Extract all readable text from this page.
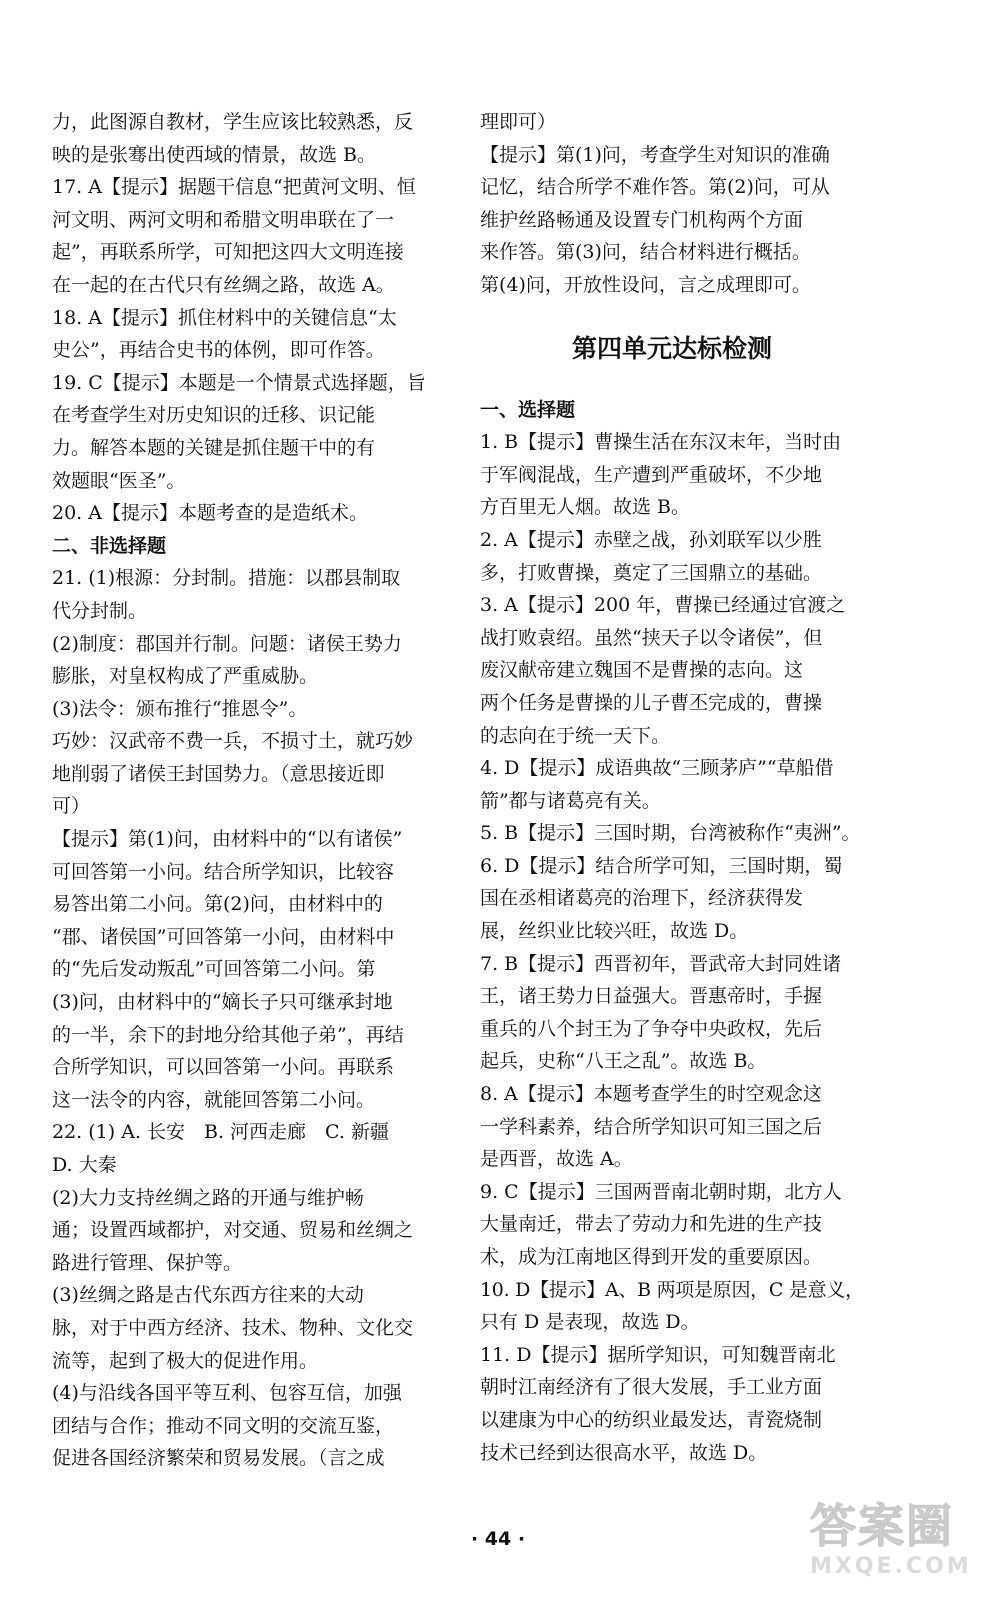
力，此图源自教材，学生应该比较熟悉，反
映的是张骞出使西域的情景，故选 B。
17. A【提示】据题干信息“把黄河文明、恒
河文明、两河文明和希腊文明串联在了一
起”，再联系所学，可知把这四大文明连接
在一起的在古代只有丝绸之路，故选 A。
18. A【提示】抓住材料中的关键信息“太
史公”，再结合史书的体例，即可作答。
19. C【提示】本题是一个情景式选择题，旨
在考查学生对历史知识的迁移、识记能
力。解答本题的关键是抓住题干中的有
效题眼“医圣”。
20. A【提示】本题考查的是造纸术。
二、非选择题
21. (1)根源：分封制。措施：以郡县制取
代分封制。
(2)制度：郡国并行制。问题：诸侯王势力
膨胀，对皇权构成了严重威胁。
(3)法令：颁布推行“推恩令”。
巧妙：汉武帝不费一兵，不损寸土，就巧妙
地削弱了诸侯王封国势力。（意思接近即
可）
【提示】第(1)问，由材料中的“以有诸侯”
可回答第一小问。结合所学知识，比较容
易答出第二小问。第(2)问，由材料中的
“郡、诸侯国”可回答第一小问，由材料中
的“先后发动叛乱”可回答第二小问。第
(3)问，由材料中的“嫡长子只可继承封地
的一半，余下的封地分给其他子弟”，再结
合所学知识，可以回答第一小问。再联系
这一法令的内容，就能回答第二小问。
22. (1) A. 长安　B. 河西走廊　C. 新疆
D. 大秦
(2)大力支持丝绸之路的开通与维护畅
通；设置西域都护，对交通、贸易和丝绸之
路进行管理、保护等。
(3)丝绸之路是古代东西方往来的大动
脉，对于中西方经济、技术、物种、文化交
流等，起到了极大的促进作用。
(4)与沿线各国平等互利、包容互信，加强
团结与合作；推动不同文明的交流互鉴，
促进各国经济繁荣和贸易发展。（言之成
理即可）
【提示】第(1)问，考查学生对知识的准确
记忆，结合所学不难作答。第(2)问，可从
维护丝路畅通及设置专门机构两个方面
来作答。第(3)问，结合材料进行概括。
第(4)问，开放性设问，言之成理即可。
第四单元达标检测
一、选择题
1. B【提示】曹操生活在东汉末年，当时由
于军阀混战，生产遭到严重破坏，不少地
方百里无人烟。故选 B。
2. A【提示】赤壁之战，孙刘联军以少胜
多，打败曹操，奠定了三国鼎立的基础。
3. A【提示】200 年，曹操已经通过官渡之
战打败袁绍。虽然“挟天子以令诸侯”，但
废汉献帝建立魏国不是曹操的志向。这
两个任务是曹操的儿子曹丕完成的，曹操
的志向在于统一天下。
4. D【提示】成语典故“三顾茅庐”“草船借
箭”都与诸葛亮有关。
5. B【提示】三国时期，台湾被称作“夷洲”。
6. D【提示】结合所学可知，三国时期，蜀
国在丞相诸葛亮的治理下，经济获得发
展，丝织业比较兴旺，故选 D。
7. B【提示】西晋初年，晋武帝大封同姓诸
王，诸王势力日益强大。晋惠帝时，手握
重兵的八个封王为了争夺中央政权，先后
起兵，史称“八王之乱”。故选 B。
8. A【提示】本题考查学生的时空观念这
一学科素养，结合所学知识可知三国之后
是西晋，故选 A。
9. C【提示】三国两晋南北朝时期，北方人
大量南迁，带去了劳动力和先进的生产技
术，成为江南地区得到开发的重要原因。
10. D【提示】A、B 两项是原因，C 是意义，
只有 D 是表现，故选 D。
11. D【提示】据所学知识，可知魏晋南北
朝时江南经济有了很大发展，手工业方面
以建康为中心的纺织业最发达，青瓷烧制
技术已经到达很高水平，故选 D。
· 44 ·	答案圈
MXQE.COM
